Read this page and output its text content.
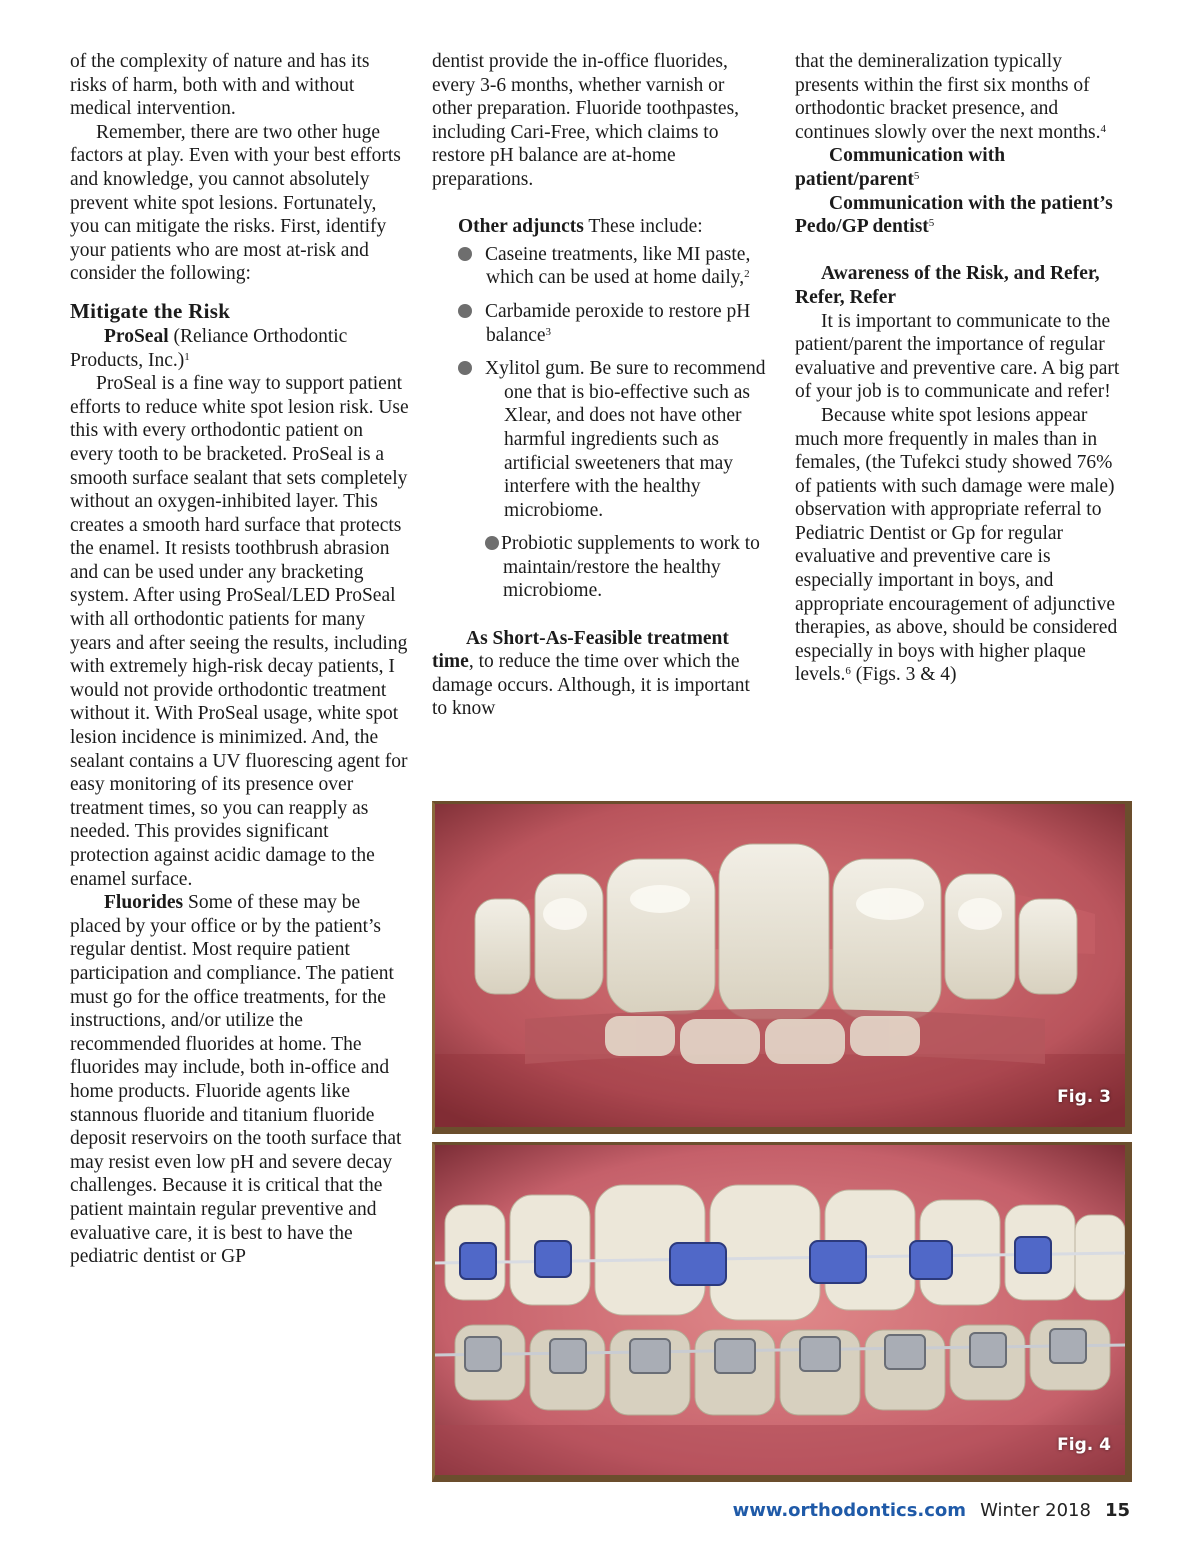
of the complexity of nature and has its risks of harm, both with and without medical intervention.

Remember, there are two other huge factors at play. Even with your best efforts and knowledge, you cannot absolutely prevent white spot lesions. Fortunately, you can mitigate the risks. First, identify your patients who are most at-risk and consider the following:

Mitigate the Risk

ProSeal (Reliance Orthodontic Products, Inc.)$^1$

ProSeal is a fine way to support patient efforts to reduce white spot lesion risk. Use this with every orthodontic patient on every tooth to be bracketed. ProSeal is a smooth surface sealant that sets completely without an oxygen-inhibited layer. This creates a smooth hard surface that protects the enamel. It resists toothbrush abrasion and can be used under any bracketing system. After using ProSeal/LED ProSeal with all orthodontic patients for many years and after seeing the results, including with extremely high-risk decay patients, I would not provide orthodontic treatment without it. With ProSeal usage, white spot lesion incidence is minimized. And, the sealant contains a UV fluorescing agent for easy monitoring of its presence over treatment times, so you can reapply as needed. This provides significant protection against acidic damage to the enamel surface.

Fluorides Some of these may be placed by your office or by the patient’s regular dentist. Most require patient participation and compliance. The patient must go for the office treatments, for the instructions, and/or utilize the recommended fluorides at home. The fluorides may include, both in-office and home products. Fluoride agents like stannous fluoride and titanium fluoride deposit reservoirs on the tooth surface that may resist even low pH and severe decay challenges. Because it is critical that the patient maintain regular preventive and evaluative care, it is best to have the pediatric dentist or GP

dentist provide the in-office fluorides, every 3-6 months, whether varnish or other preparation. Fluoride toothpastes, including Cari-Free, which claims to restore pH balance are at-home preparations.

Other adjuncts These include:

Caseine treatments, like MI paste, which can be used at home daily,$^2$

Carbamide peroxide to restore pH balance$^3$

Xylitol gum. Be sure to recommend one that is bio-effective such as Xlear, and does not have other harmful ingredients such as artificial sweeteners that may interfere with the healthy microbiome.

Probiotic supplements to work to maintain/restore the healthy microbiome.

As Short-As-Feasible treatment time, to reduce the time over which the damage occurs. Although, it is important to know

that the demineralization typically presents within the first six months of orthodontic bracket presence, and continues slowly over the next months.$^4$

Communication with patient/parent$^5$

Communication with the patient’s Pedo/GP dentist$^5$

Awareness of the Risk, and Refer, Refer, Refer

It is important to communicate to the patient/parent the importance of regular evaluative and preventive care. A big part of your job is to communicate and refer!

Because white spot lesions appear much more frequently in males than in females, (the Tufekci study showed 76% of patients with such damage were male) observation with appropriate referral to Pediatric Dentist or Gp for regular evaluative and preventive care is especially important in boys, and appropriate encouragement of adjunctive therapies, as above, should be considered especially in boys with higher plaque levels.$^6$ (Figs. 3 & 4)

Fig. 3
Fig. 4
www.orthodontics.com Winter 2018 15
